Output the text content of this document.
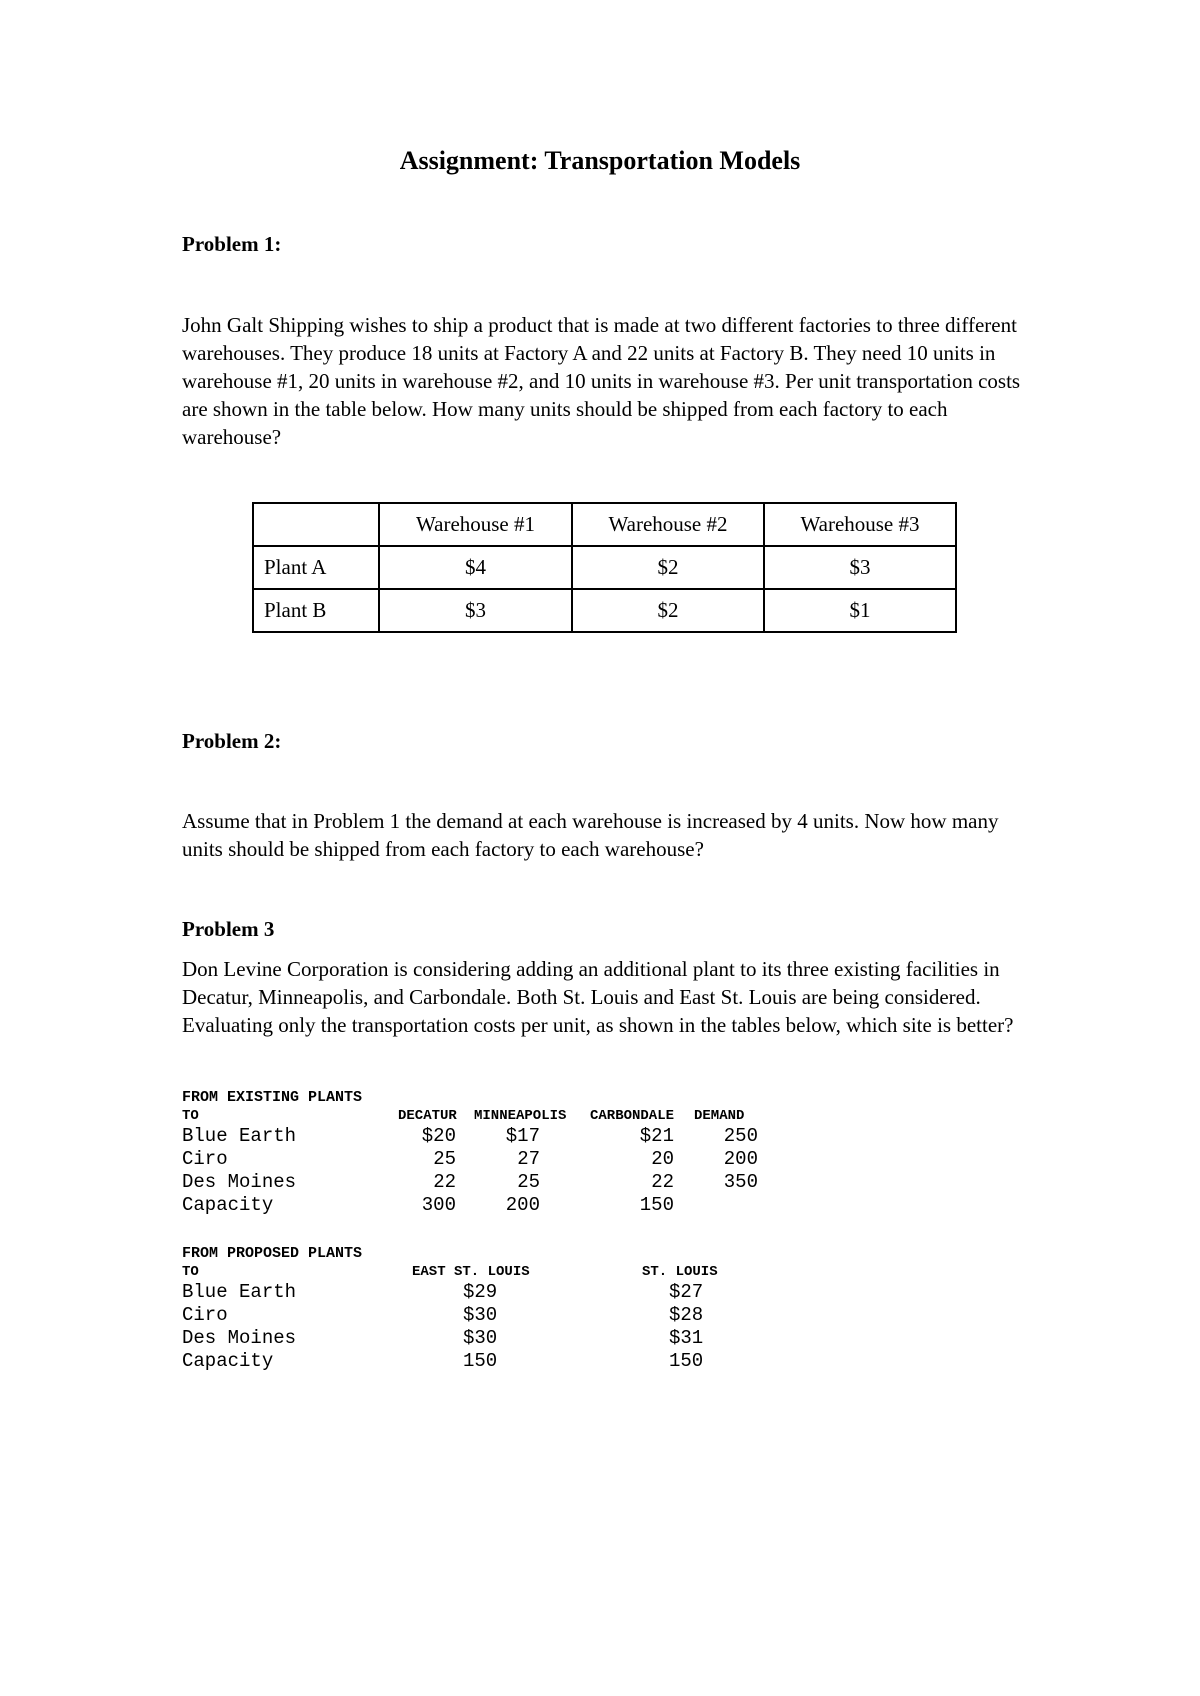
Assignment: Transportation Models
Problem 1:

John Galt Shipping wishes to ship a product that is made at two different factories to three different warehouses. They produce 18 units at Factory A and 22 units at Factory B. They need 10 units in warehouse #1, 20 units in warehouse #2, and 10 units in warehouse #3. Per unit transportation costs are shown in the table below. How many units should be shipped from each factory to each warehouse?

	Warehouse #1	Warehouse #2	Warehouse #3
Plant A	$4	$2	$3
Plant B	$3	$2	$1
Problem 2:

Assume that in Problem 1 the demand at each warehouse is increased by 4 units. Now how many units should be shipped from each factory to each warehouse?

Problem 3

Don Levine Corporation is considering adding an additional plant to its three existing facilities in Decatur, Minneapolis, and Carbondale. Both St. Louis and East St. Louis are being considered. Evaluating only the transportation costs per unit, as shown in the tables below, which site is better?

FROM EXISTING PLANTS				
TO	DECATUR	MINNEAPOLIS	CARBONDALE	DEMAND
Blue Earth	$20	$17	$21	250
Ciro	25	27	20	200
Des Moines	22	25	22	350
Capacity	300	200	150	
FROM PROPOSED PLANTS		
TO	EAST ST. LOUIS	ST. LOUIS
Blue Earth	$29	$27
Ciro	$30	$28
Des Moines	$30	$31
Capacity	150	150
